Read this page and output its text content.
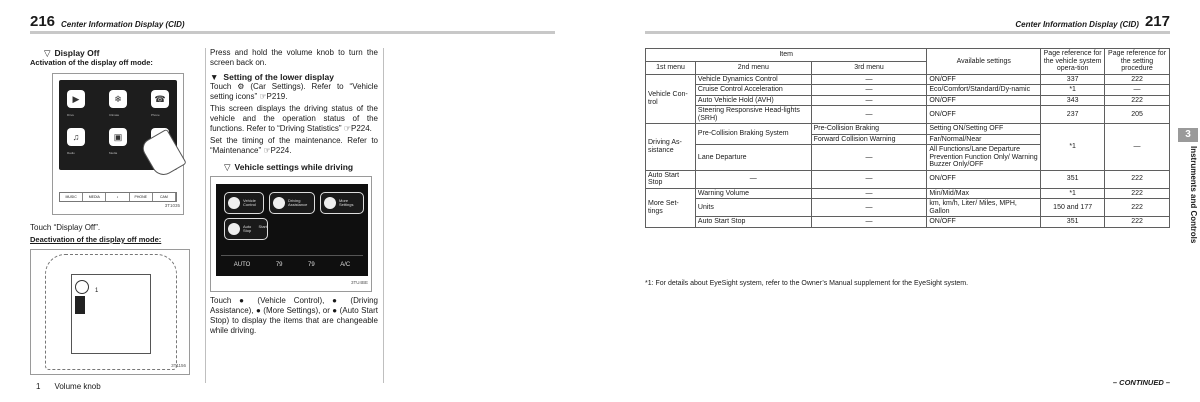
216 Center Information Display (CID)
▽ Display Off
Activation of the display off mode:
▶	❄	☎
♫	▣
Drive	Climate	Phone
Radio	Media
MUSIC	MEDIA	♪	PHONE	CAM
3T1035
Touch “Display Off”.
Deactivation of the display off mode:
1
3T1156
1 Volume knob
Press and hold the volume knob to turn the screen back on.
▼ Setting of the lower display
Touch ⚙ (Car Settings). Refer to “Vehicle setting icons” ☞P219.
This screen displays the driving status of the vehicle and the operation status of the functions. Refer to “Driving Statistics” ☞P224.
Set the timing of the maintenance. Refer to “Maintenance” ☞P224.
▽ Vehicle settings while driving
Vehicle Control
Driving Assistance
More Settings
Auto Start Stop
AUTO	79	79	A/C
3TU4BE
Touch ● (Vehicle Control), ● (Driving Assistance), ● (More Settings), or ● (Auto Start Stop) to display the items that are changeable while driving.
Center Information Display (CID) 217
Item			Available settings	Page reference for the vehicle system opera-tion	Page reference for the setting procedure
1st menu	2nd menu	3rd menu			
Vehicle Con-trol	Vehicle Dynamics Control	—	ON/OFF	337	222
	Cruise Control Acceleration	—	Eco/Comfort/Standard/Dy-namic	*1	—
	Auto Vehicle Hold (AVH)	—	ON/OFF	343	222
	Steering Responsive Head-lights (SRH)	—	ON/OFF	237	205
Driving As-sistance	Pre-Collision Braking System	Pre-Collision Braking	Setting ON/Setting OFF	*1	—
		Forward Collision Warning	Far/Normal/Near		
	Lane Departure	—	All Functions/Lane Departure Prevention Function Only/ Warning Buzzer Only/OFF		
Auto Start Stop	—	—	ON/OFF	351	222
More Set-tings	Warning Volume	—	Min/Mid/Max	*1	222
	Units	—	km, km/h, Liter/ Miles, MPH, Gallon	150 and 177	222
	Auto Start Stop	—	ON/OFF	351	222
*1: For details about EyeSight system, refer to the Owner’s Manual supplement for the EyeSight system.
– CONTINUED –
3
Instruments and Controls
